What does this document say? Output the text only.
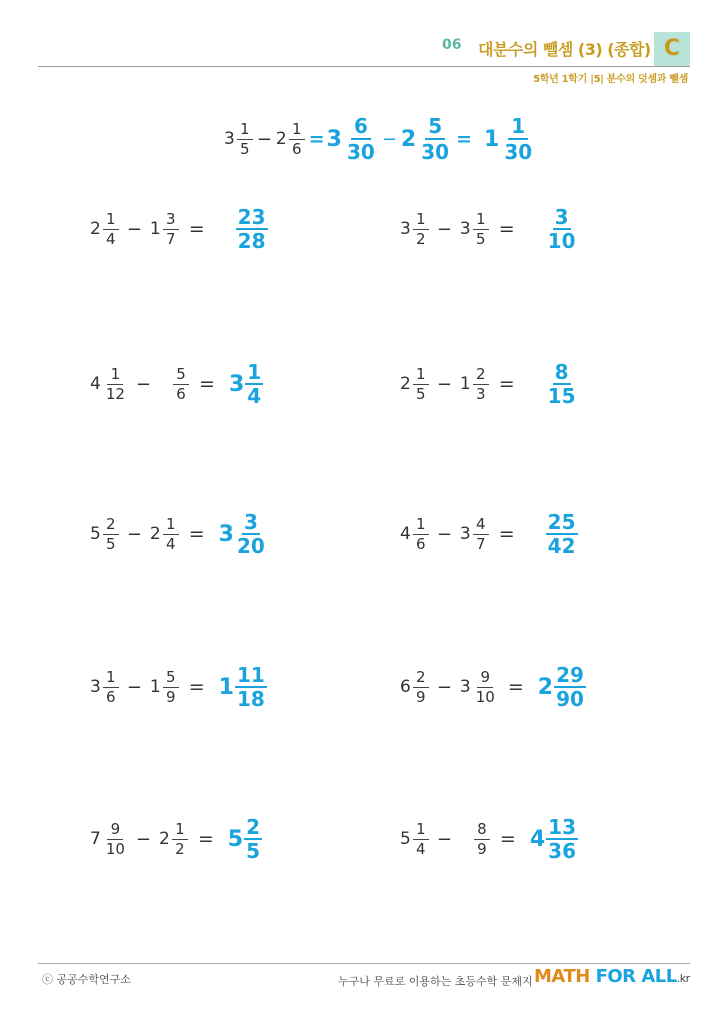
06 대분수의 뺄셈 (3) (종합) C
5학년 1학기 |5| 분수의 덧셈과 뺄셈
$3 \frac{1}{5} - 2 \frac{1}{6} = 3 \frac{6}{30} - 2 \frac{5}{30} = 1 \frac{1}{30}$
$2 \frac{1}{4} - 1 \frac{3}{7} = \frac{23}{28}$	$3 \frac{1}{2} - 3 \frac{1}{5} = \frac{3}{10}$
$4 \frac{1}{12} - \frac{5}{6} = 3 \frac{1}{4}$	$2 \frac{1}{5} - 1 \frac{2}{3} = \frac{8}{15}$
$5 \frac{2}{5} - 2 \frac{1}{4} = 3 \frac{3}{20}$	$4 \frac{1}{6} - 3 \frac{4}{7} = \frac{25}{42}$
$3 \frac{1}{6} - 1 \frac{5}{9} = 1 \frac{11}{18}$	$6 \frac{2}{9} - 3 \frac{9}{10} = 2 \frac{29}{90}$
$7 \frac{9}{10} - 2 \frac{1}{2} = 5 \frac{2}{5}$	$5 \frac{1}{4} - \frac{8}{9} = 4 \frac{13}{36}$
ⓒ 공공수학연구소	누구나 무료로 이용하는 초등수학 문제지 MATH FOR ALL.kr
